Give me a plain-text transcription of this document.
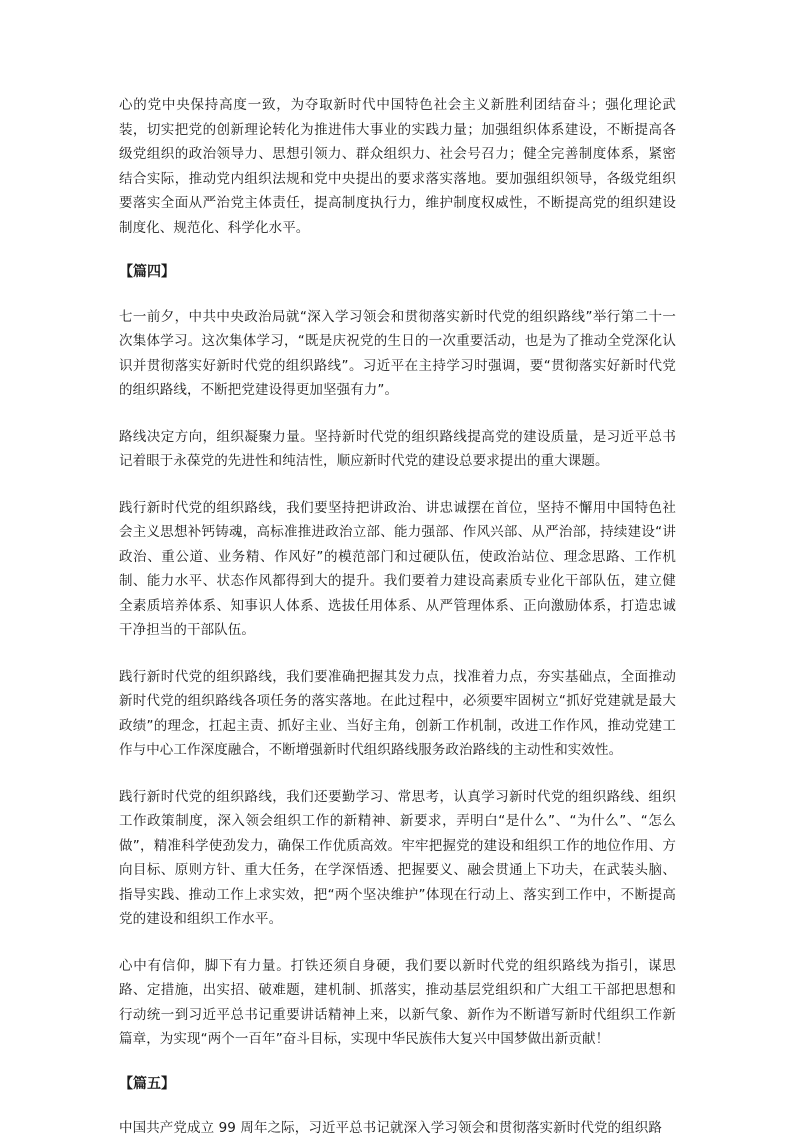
心的党中央保持高度一致，为夺取新时代中国特色社会主义新胜利团结奋斗；强化理论武装，切实把党的创新理论转化为推进伟大事业的实践力量；加强组织体系建设，不断提高各级党组织的政治领导力、思想引领力、群众组织力、社会号召力；健全完善制度体系，紧密结合实际，推动党内组织法规和党中央提出的要求落实落地。要加强组织领导，各级党组织要落实全面从严治党主体责任，提高制度执行力，维护制度权威性，不断提高党的组织建设制度化、规范化、科学化水平。

【篇四】

七一前夕，中共中央政治局就“深入学习领会和贯彻落实新时代党的组织路线”举行第二十一次集体学习。这次集体学习，“既是庆祝党的生日的一次重要活动，也是为了推动全党深化认识并贯彻落实好新时代党的组织路线”。习近平在主持学习时强调，要“贯彻落实好新时代党的组织路线，不断把党建设得更加坚强有力”。

路线决定方向，组织凝聚力量。坚持新时代党的组织路线提高党的建设质量，是习近平总书记着眼于永葆党的先进性和纯洁性，顺应新时代党的建设总要求提出的重大课题。

践行新时代党的组织路线，我们要坚持把讲政治、讲忠诚摆在首位，坚持不懈用中国特色社会主义思想补钙铸魂，高标准推进政治立部、能力强部、作风兴部、从严治部，持续建设“讲政治、重公道、业务精、作风好”的模范部门和过硬队伍，使政治站位、理念思路、工作机制、能力水平、状态作风都得到大的提升。我们要着力建设高素质专业化干部队伍，建立健全素质培养体系、知事识人体系、选拔任用体系、从严管理体系、正向激励体系，打造忠诚干净担当的干部队伍。

践行新时代党的组织路线，我们要准确把握其发力点，找准着力点，夯实基础点，全面推动新时代党的组织路线各项任务的落实落地。在此过程中，必须要牢固树立“抓好党建就是最大政绩”的理念，扛起主责、抓好主业、当好主角，创新工作机制，改进工作作风，推动党建工作与中心工作深度融合，不断增强新时代组织路线服务政治路线的主动性和实效性。

践行新时代党的组织路线，我们还要勤学习、常思考，认真学习新时代党的组织路线、组织工作政策制度，深入领会组织工作的新精神、新要求，弄明白“是什么”、“为什么”、“怎么做”，精准科学使劲发力，确保工作优质高效。牢牢把握党的建设和组织工作的地位作用、方向目标、原则方针、重大任务，在学深悟透、把握要义、融会贯通上下功夫，在武装头脑、指导实践、推动工作上求实效，把“两个坚决维护”体现在行动上、落实到工作中，不断提高党的建设和组织工作水平。

心中有信仰，脚下有力量。打铁还须自身硬，我们要以新时代党的组织路线为指引，谋思路、定措施，出实招、破难题，建机制、抓落实，推动基层党组织和广大组工干部把思想和行动统一到习近平总书记重要讲话精神上来，以新气象、新作为不断谱写新时代组织工作新篇章，为实现“两个一百年”奋斗目标，实现中华民族伟大复兴中国梦做出新贡献！

【篇五】

中国共产党成立 99 周年之际，习近平总书记就深入学习领会和贯彻落实新时代党的组织路
